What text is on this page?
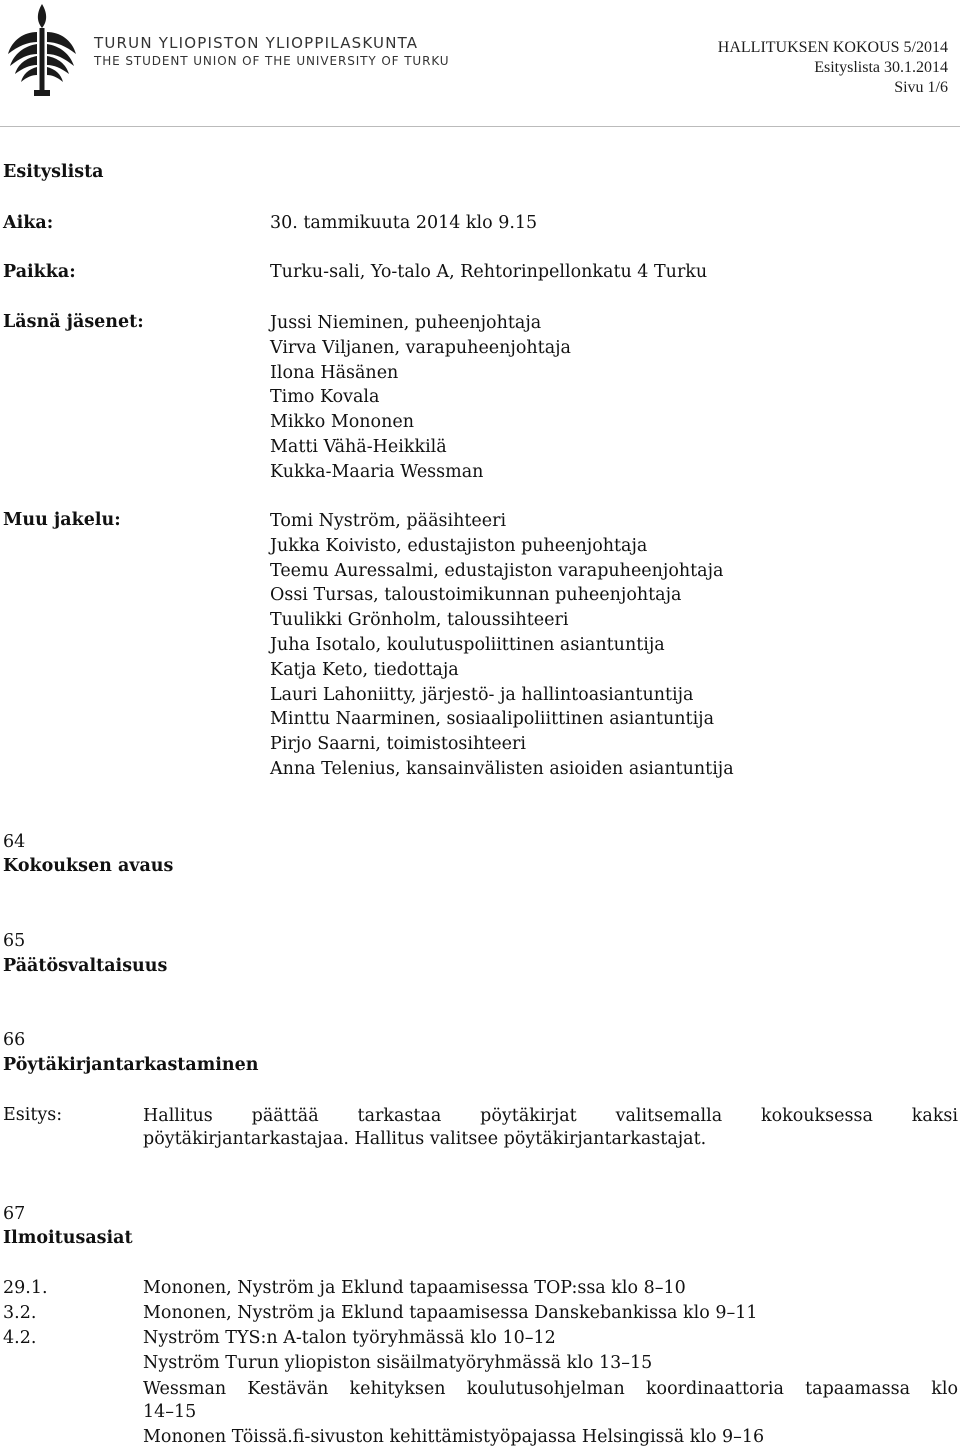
TURUN YLIOPISTON YLIOPPILASKUNTA
THE STUDENT UNION OF THE UNIVERSITY OF TURKU
HALLITUKSEN KOKOUS 5/2014
Esityslista 30.1.2014
Sivu 1/6
Esityslista
Aika:	30. tammikuuta 2014 klo 9.15
Paikka:	Turku-sali, Yo-talo A, Rehtorinpellonkatu 4 Turku
Läsnä jäsenet:	Jussi Nieminen, puheenjohtaja
Virva Viljanen, varapuheenjohtaja
Ilona Häsänen
Timo Kovala
Mikko Mononen
Matti Vähä-Heikkilä
Kukka-Maaria Wessman
Muu jakelu:	Tomi Nyström, pääsihteeri
Jukka Koivisto, edustajiston puheenjohtaja
Teemu Auressalmi, edustajiston varapuheenjohtaja
Ossi Tursas, taloustoimikunnan puheenjohtaja
Tuulikki Grönholm, taloussihteeri
Juha Isotalo, koulutuspoliittinen asiantuntija
Katja Keto, tiedottaja
Lauri Lahoniitty, järjestö- ja hallintoasiantuntija
Minttu Naarminen, sosiaalipoliittinen asiantuntija
Pirjo Saarni, toimistosihteeri
Anna Telenius, kansainvälisten asioiden asiantuntija
64
Kokouksen avaus
65
Päätösvaltaisuus
66
Pöytäkirjantarkastaminen
Esitys:	Hallitus päättää tarkastaa pöytäkirjat valitsemalla kokouksessa kaksi
pöytäkirjantarkastajaa. Hallitus valitsee pöytäkirjantarkastajat.
67
Ilmoitusasiat
29.1.	Mononen, Nyström ja Eklund tapaamisessa TOP:ssa klo 8–10
3.2.	Mononen, Nyström ja Eklund tapaamisessa Danskebankissa klo 9–11
4.2.	Nyström TYS:n A-talon työryhmässä klo 10–12
Nyström Turun yliopiston sisäilmatyöryhmässä klo 13–15
Wessman Kestävän kehityksen koulutusohjelman koordinaattoria tapaamassa klo
14–15
Mononen Töissä.fi-sivuston kehittämistyöpajassa Helsingissä klo 9–16
